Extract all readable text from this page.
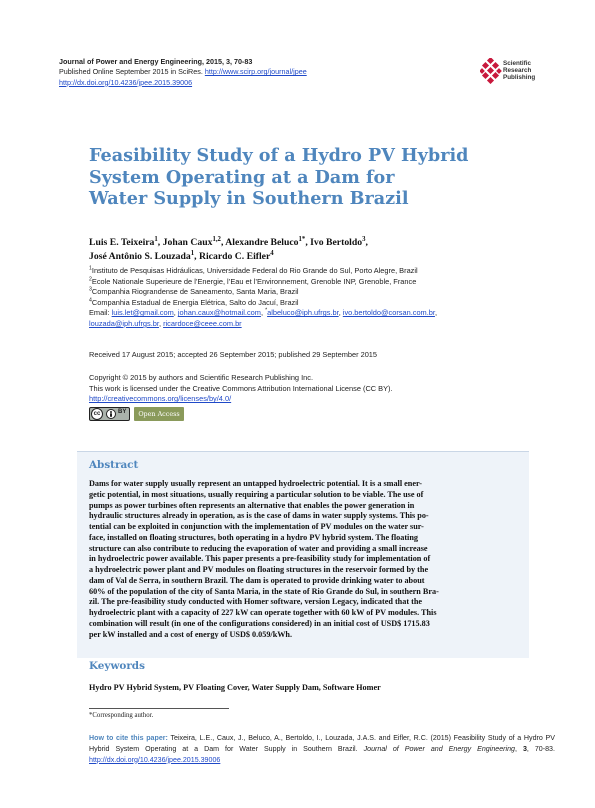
Journal of Power and Energy Engineering, 2015, 3, 70-83
Published Online September 2015 in SciRes. http://www.scirp.org/journal/jpee
http://dx.doi.org/10.4236/jpee.2015.39006
Scientific
Research
Publishing
Feasibility Study of a Hydro PV Hybrid
System Operating at a Dam for
Water Supply in Southern Brazil
Luis E. Teixeira$^1$, Johan Caux$^{1,2}$, Alexandre Beluco$^{1*}$, Ivo Bertoldo$^3$,
José Antônio S. Louzada$^1$, Ricardo C. Eifler$^4$
$^1$Instituto de Pesquisas Hidráulicas, Universidade Federal do Rio Grande do Sul, Porto Alegre, Brazil
$^2$Ecole Nationale Superieure de l’Energie, l’Eau et l’Environnement, Grenoble INP, Grenoble, France
$^3$Companhia Riograndense de Saneamento, Santa Maria, Brazil
$^4$Companhia Estadual de Energia Elétrica, Salto do Jacuí, Brazil
Email: luis.let@gmail.com, johan.caux@hotmail.com, *albeluco@iph.ufrgs.br, ivo.bertoldo@corsan.com.br,
louzada@iph.ufrgs.br, ricardoce@ceee.com.br
Received 17 August 2015; accepted 26 September 2015; published 29 September 2015
Copyright © 2015 by authors and Scientific Research Publishing Inc.
This work is licensed under the Creative Commons Attribution International License (CC BY).
http://creativecommons.org/licenses/by/4.0/
cc	BY	Open Access
Abstract
Dams for water supply usually represent an untapped hydroelectric potential. It is a small ener-
getic potential, in most situations, usually requiring a particular solution to be viable. The use of
pumps as power turbines often represents an alternative that enables the power generation in
hydraulic structures already in operation, as is the case of dams in water supply systems. This po-
tential can be exploited in conjunction with the implementation of PV modules on the water sur-
face, installed on floating structures, both operating in a hydro PV hybrid system. The floating
structure can also contribute to reducing the evaporation of water and providing a small increase
in hydroelectric power available. This paper presents a pre-feasibility study for implementation of
a hydroelectric power plant and PV modules on floating structures in the reservoir formed by the
dam of Val de Serra, in southern Brazil. The dam is operated to provide drinking water to about
60% of the population of the city of Santa Maria, in the state of Rio Grande do Sul, in southern Bra-
zil. The pre-feasibility study conducted with Homer software, version Legacy, indicated that the
hydroelectric plant with a capacity of 227 kW can operate together with 60 kW of PV modules. This
combination will result (in one of the configurations considered) in an initial cost of USD$ 1715.83
per kW installed and a cost of energy of USD$ 0.059/kWh.
Keywords
Hydro PV Hybrid System, PV Floating Cover, Water Supply Dam, Software Homer
*Corresponding author.
How to cite this paper: Teixeira, L.E., Caux, J., Beluco, A., Bertoldo, I., Louzada, J.A.S. and Eifler, R.C. (2015) Feasibility Study of a Hydro PV Hybrid System Operating at a Dam for Water Supply in Southern Brazil. Journal of Power and Energy Engineering, 3, 70-83. http://dx.doi.org/10.4236/jpee.2015.39006
